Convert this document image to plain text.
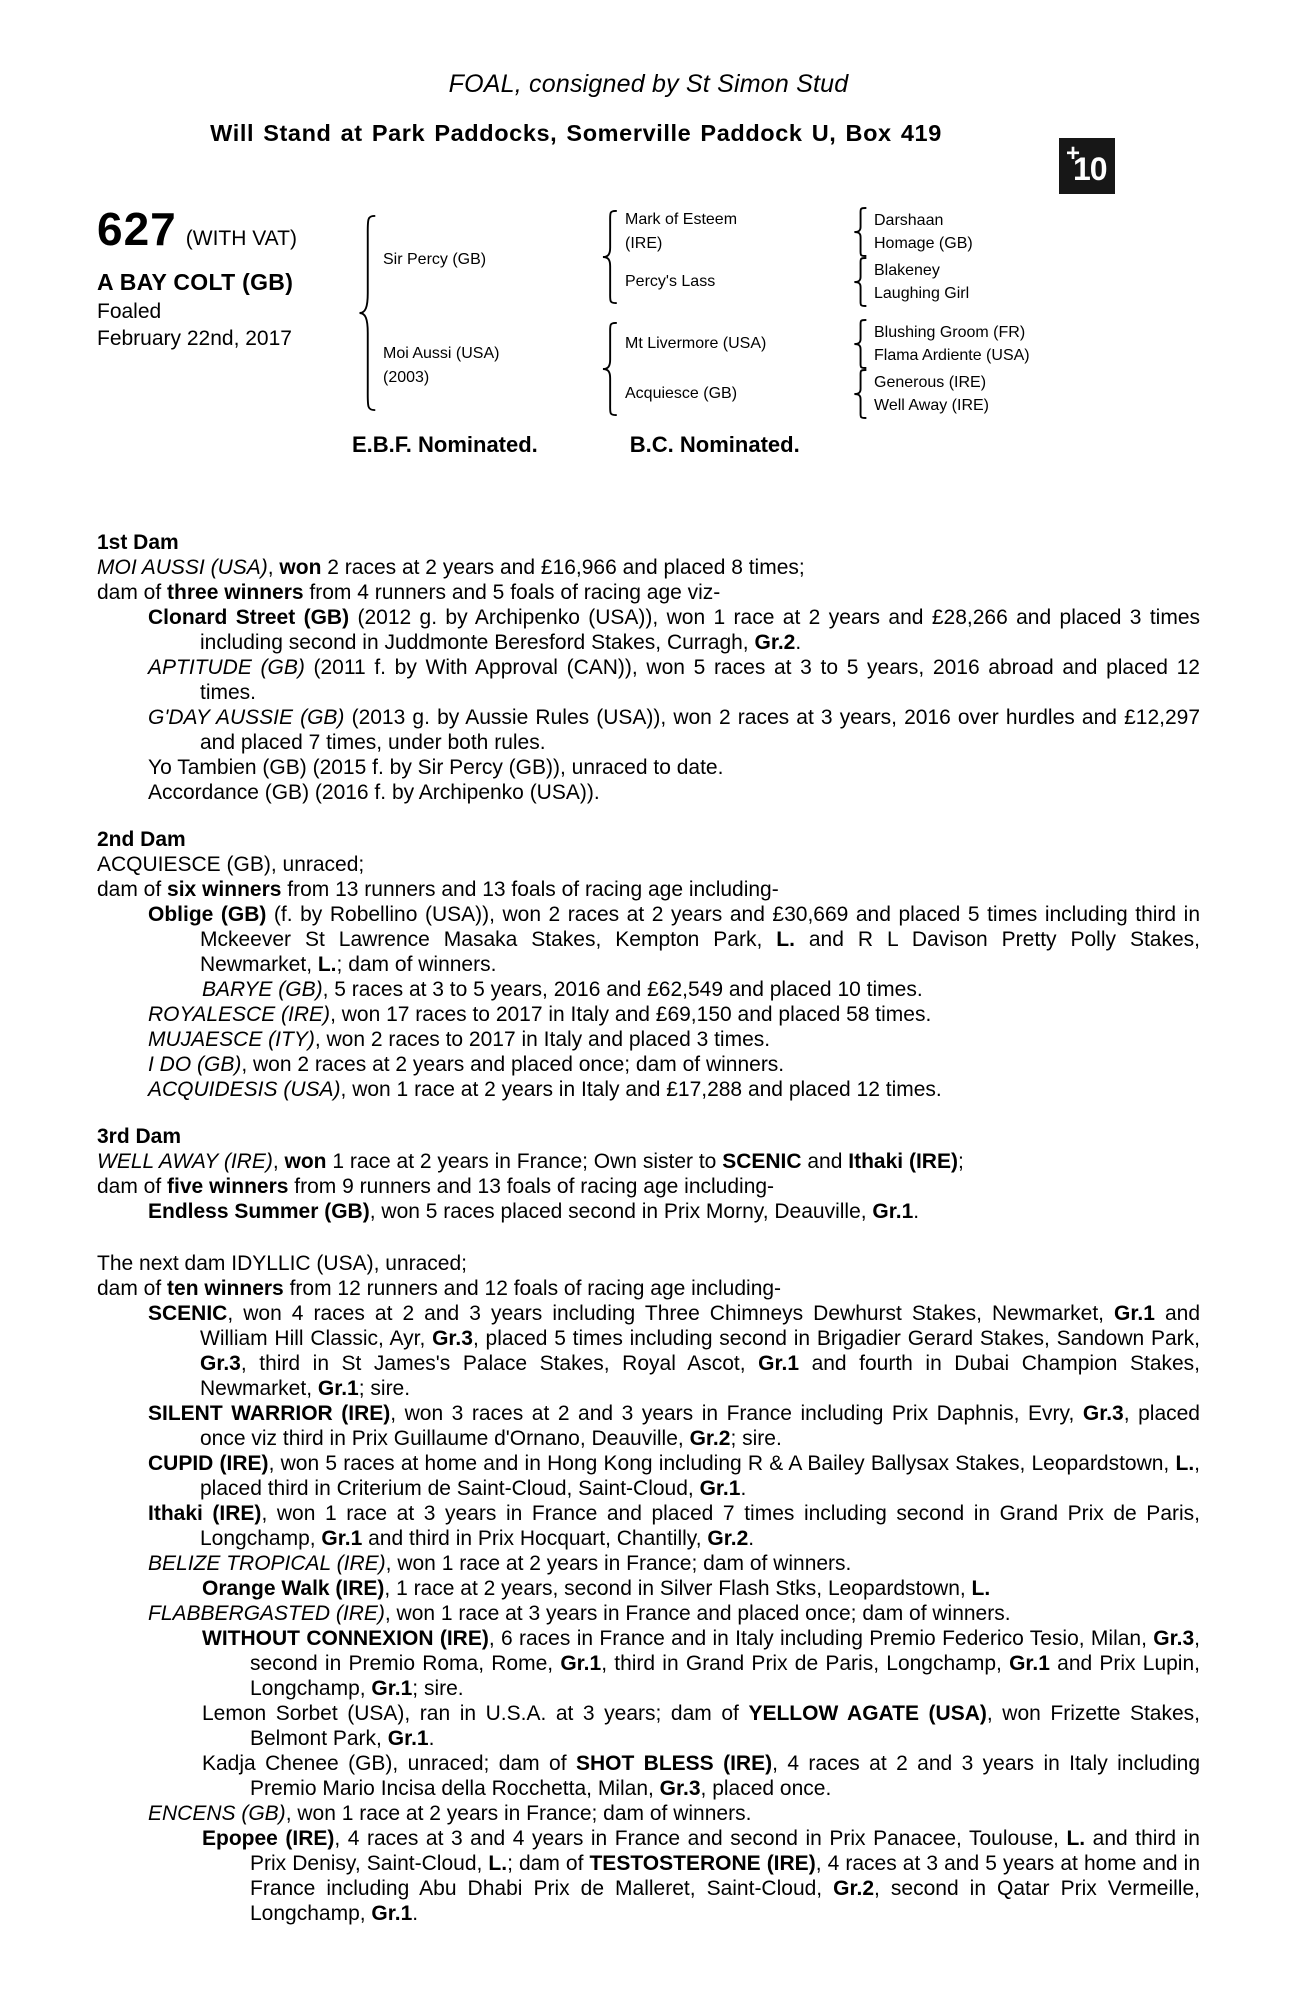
+
10
FOAL, consigned by St Simon Stud
Will Stand at Park Paddocks, Somerville Paddock U, Box 419
627 (WITH VAT)
A BAY COLT (GB)
Foaled
February 22nd, 2017
Sir Percy (GB)
Moi Aussi (USA)
(2003)
Mark of Esteem
(IRE)
Darshaan
Homage (GB)
Percy's Lass
Blakeney
Laughing Girl
Mt Livermore (USA)
Blushing Groom (FR)
Flama Ardiente (USA)
Acquiesce (GB)
Generous (IRE)
Well Away (IRE)
E.B.F. Nominated.	B.C. Nominated.
1st Dam

MOI AUSSI (USA), won 2 races at 2 years and £16,966 and placed 8 times;

dam of three winners from 4 runners and 5 foals of racing age viz-

Clonard Street (GB) (2012 g. by Archipenko (USA)), won 1 race at 2 years and £28,266 and placed 3 times including second in Juddmonte Beresford Stakes, Curragh, Gr.2.

APTITUDE (GB) (2011 f. by With Approval (CAN)), won 5 races at 3 to 5 years, 2016 abroad and placed 12 times.

G'DAY AUSSIE (GB) (2013 g. by Aussie Rules (USA)), won 2 races at 3 years, 2016 over hurdles and £12,297 and placed 7 times, under both rules.

Yo Tambien (GB) (2015 f. by Sir Percy (GB)), unraced to date.

Accordance (GB) (2016 f. by Archipenko (USA)).

2nd Dam

ACQUIESCE (GB), unraced;

dam of six winners from 13 runners and 13 foals of racing age including-

Oblige (GB) (f. by Robellino (USA)), won 2 races at 2 years and £30,669 and placed 5 times including third in Mckeever St Lawrence Masaka Stakes, Kempton Park, L. and R L Davison Pretty Polly Stakes, Newmarket, L.; dam of winners.

BARYE (GB), 5 races at 3 to 5 years, 2016 and £62,549 and placed 10 times.

ROYALESCE (IRE), won 17 races to 2017 in Italy and £69,150 and placed 58 times.

MUJAESCE (ITY), won 2 races to 2017 in Italy and placed 3 times.

I DO (GB), won 2 races at 2 years and placed once; dam of winners.

ACQUIDESIS (USA), won 1 race at 2 years in Italy and £17,288 and placed 12 times.

3rd Dam

WELL AWAY (IRE), won 1 race at 2 years in France; Own sister to SCENIC and Ithaki (IRE);

dam of five winners from 9 runners and 13 foals of racing age including-

Endless Summer (GB), won 5 races placed second in Prix Morny, Deauville, Gr.1.

The next dam IDYLLIC (USA), unraced;

dam of ten winners from 12 runners and 12 foals of racing age including-

SCENIC, won 4 races at 2 and 3 years including Three Chimneys Dewhurst Stakes, Newmarket, Gr.1 and William Hill Classic, Ayr, Gr.3, placed 5 times including second in Brigadier Gerard Stakes, Sandown Park, Gr.3, third in St James's Palace Stakes, Royal Ascot, Gr.1 and fourth in Dubai Champion Stakes, Newmarket, Gr.1; sire.

SILENT WARRIOR (IRE), won 3 races at 2 and 3 years in France including Prix Daphnis, Evry, Gr.3, placed once viz third in Prix Guillaume d'Ornano, Deauville, Gr.2; sire.

CUPID (IRE), won 5 races at home and in Hong Kong including R & A Bailey Ballysax Stakes, Leopardstown, L., placed third in Criterium de Saint-Cloud, Saint-Cloud, Gr.1.

Ithaki (IRE), won 1 race at 3 years in France and placed 7 times including second in Grand Prix de Paris, Longchamp, Gr.1 and third in Prix Hocquart, Chantilly, Gr.2.

BELIZE TROPICAL (IRE), won 1 race at 2 years in France; dam of winners.

Orange Walk (IRE), 1 race at 2 years, second in Silver Flash Stks, Leopardstown, L.

FLABBERGASTED (IRE), won 1 race at 3 years in France and placed once; dam of winners.

WITHOUT CONNEXION (IRE), 6 races in France and in Italy including Premio Federico Tesio, Milan, Gr.3, second in Premio Roma, Rome, Gr.1, third in Grand Prix de Paris, Longchamp, Gr.1 and Prix Lupin, Longchamp, Gr.1; sire.

Lemon Sorbet (USA), ran in U.S.A. at 3 years; dam of YELLOW AGATE (USA), won Frizette Stakes, Belmont Park, Gr.1.

Kadja Chenee (GB), unraced; dam of SHOT BLESS (IRE), 4 races at 2 and 3 years in Italy including Premio Mario Incisa della Rocchetta, Milan, Gr.3, placed once.

ENCENS (GB), won 1 race at 2 years in France; dam of winners.

Epopee (IRE), 4 races at 3 and 4 years in France and second in Prix Panacee, Toulouse, L. and third in Prix Denisy, Saint-Cloud, L.; dam of TESTOSTERONE (IRE), 4 races at 3 and 5 years at home and in France including Abu Dhabi Prix de Malleret, Saint-Cloud, Gr.2, second in Qatar Prix Vermeille, Longchamp, Gr.1.
